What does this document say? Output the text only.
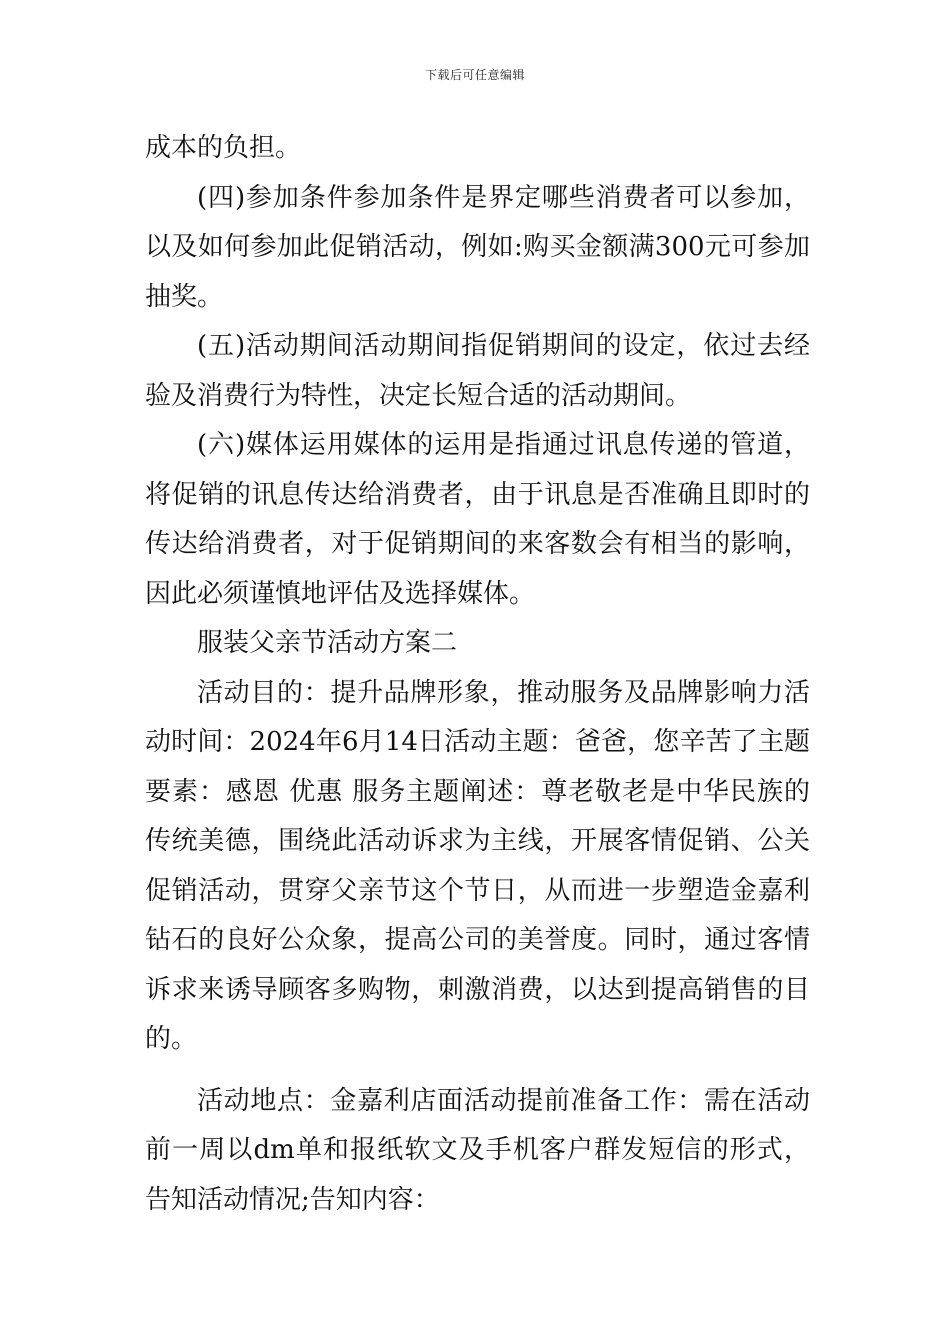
下载后可任意编辑

成本的负担。

(四)参加条件参加条件是界定哪些消费者可以参加，以及如何参加此促销活动，例如:购买金额满300元可参加抽奖。

(五)活动期间活动期间指促销期间的设定，依过去经验及消费行为特性，决定长短合适的活动期间。

(六)媒体运用媒体的运用是指通过讯息传递的管道，将促销的讯息传达给消费者，由于讯息是否准确且即时的传达给消费者，对于促销期间的来客数会有相当的影响，因此必须谨慎地评估及选择媒体。

服装父亲节活动方案二

活动目的：提升品牌形象，推动服务及品牌影响力活动时间：2024年6月14日活动主题：爸爸，您辛苦了主题要素：感恩 优惠 服务主题阐述：尊老敬老是中华民族的传统美德，围绕此活动诉求为主线，开展客情促销、公关促销活动，贯穿父亲节这个节日，从而进一步塑造金嘉利钻石的良好公众象，提高公司的美誉度。同时，通过客情诉求来诱导顾客多购物，刺激消费，以达到提高销售的目的。

活动地点：金嘉利店面活动提前准备工作：需在活动前一周以dm单和报纸软文及手机客户群发短信的形式，告知活动情况;告知内容：
